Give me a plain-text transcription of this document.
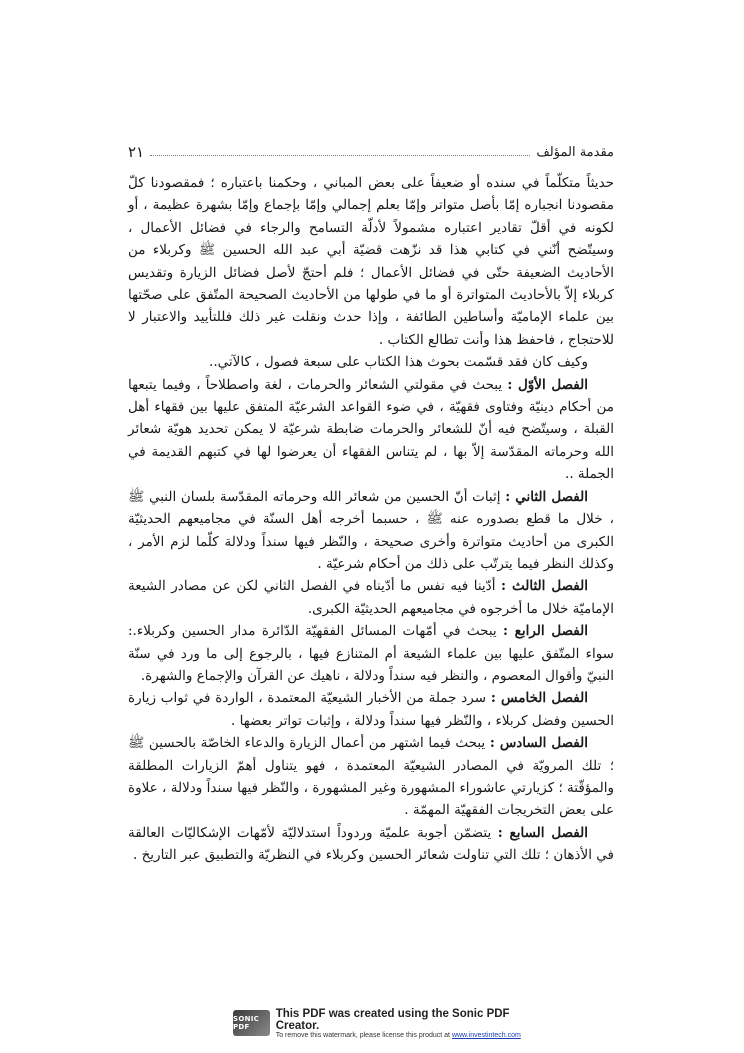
مقدمة المؤلف
٢١

حديثاً متكلّماً في سنده أو ضعيفاً على بعض المباني ، وحكمنا باعتباره ؛ فمقصودنا كلّ مقصودنا انجباره إمّا بأصل متواتر وإمّا بعلم إجمالي وإمّا بإجماع وإمّا بشهرة عظيمة ، أو لكونه في أقلّ تقادير اعتباره مشمولاً لأدلّة التسامح والرجاء في فضائل الأعمال ، وسيتّضح أنّني في كتابي هذا قد نزّهت قضيّة أبي عبد الله الحسين ﷺ وكربلاء من الأحاديث الضعيفة حتّى في فضائل الأعمال ؛ فلم أحتجّ لأصل فضائل الزيارة وتقديس كربلاء إلاّ بالأحاديث المتواترة أو ما في طولها من الأحاديث الصحيحة المتّفق على صحّتها بين علماء الإماميّة وأساطين الطائفة ، وإذا حدث ونقلت غير ذلك فللتأييد والاعتبار لا للاحتجاج ، فاحفظ هذا وأنت تطالع الكتاب .

وكيف كان فقد قسّمت بحوث هذا الكتاب على سبعة فصول ، كالآتي..

الفصل الأوّل : يبحث في مقولتي الشعائر والحرمات ، لغة واصطلاحاً ، وفيما يتبعها من أحكام دينيّة وفتاوى فقهيّة ، في ضوء القواعد الشرعيّة المتفق عليها بين فقهاء أهل القبلة ، وسيتّضح فيه أنّ للشعائر والحرمات ضابطة شرعيّة لا يمكن تحديد هويّة شعائر الله وحرماته المقدّسة إلاّ بها ، لم يتناس الفقهاء أن يعرضوا لها في كتبهم القديمة في الجملة ..

الفصل الثاني : إثبات أنّ الحسين من شعائر الله وحرماته المقدّسة بلسان النبي ﷺ ، خلال ما قطع بصدوره عنه ﷺ ، حسبما أخرجه أهل السنّة في مجاميعهم الحديثيّة الكبرى من أحاديث متواترة وأخرى صحيحة ، والنّظر فيها سنداً ودلالة كلّما لزم الأمر ، وكذلك النظر فيما يترتّب على ذلك من أحكام شرعيّة .

الفصل الثالث : أدّينا فيه نفس ما أدّيناه في الفصل الثاني لكن عن مصادر الشيعة الإماميّة خلال ما أخرجوه في مجاميعهم الحديثيّة الكبرى.

الفصل الرابع : يبحث في أمّهات المسائل الفقهيّة الدّائرة مدار الحسين وكربلاء.: سواء المتّفق عليها بين علماء الشيعة أم المتنازع فيها ، بالرجوع إلى ما ورد في سنّة النبيّ وأقوال المعصوم ، والنظر فيه سنداً ودلالة ، ناهيك عن القرآن والإجماع والشهرة.

الفصل الخامس : سرد جملة من الأخبار الشيعيّة المعتمدة ، الواردة في ثواب زيارة الحسين وفضل كربلاء ، والنّظر فيها سنداً ودلالة ، وإثبات تواتر بعضها .

الفصل السادس : يبحث فيما اشتهر من أعمال الزيارة والدعاء الخاصّة بالحسين ﷺ ؛ تلك المرويّة في المصادر الشيعيّة المعتمدة ، فهو يتناول أهمّ الزيارات المطلقة والمؤقّتة ؛ كزيارتي عاشوراء المشهورة وغير المشهورة ، والنّظر فيها سنداً ودلالة ، علاوة على بعض التخريجات الفقهيّة المهمّة .

الفصل السابع : يتضمّن أجوبة علميّة وردوداً استدلاليّة لأمّهات الإشكاليّات العالقة في الأذهان ؛ تلك التي تناولت شعائر الحسين وكربلاء في النظريّة والتطبيق عبر التاريخ .

SONIC PDF
This PDF was created using the Sonic PDF Creator.
To remove this watermark, please license this product at www.investintech.com
